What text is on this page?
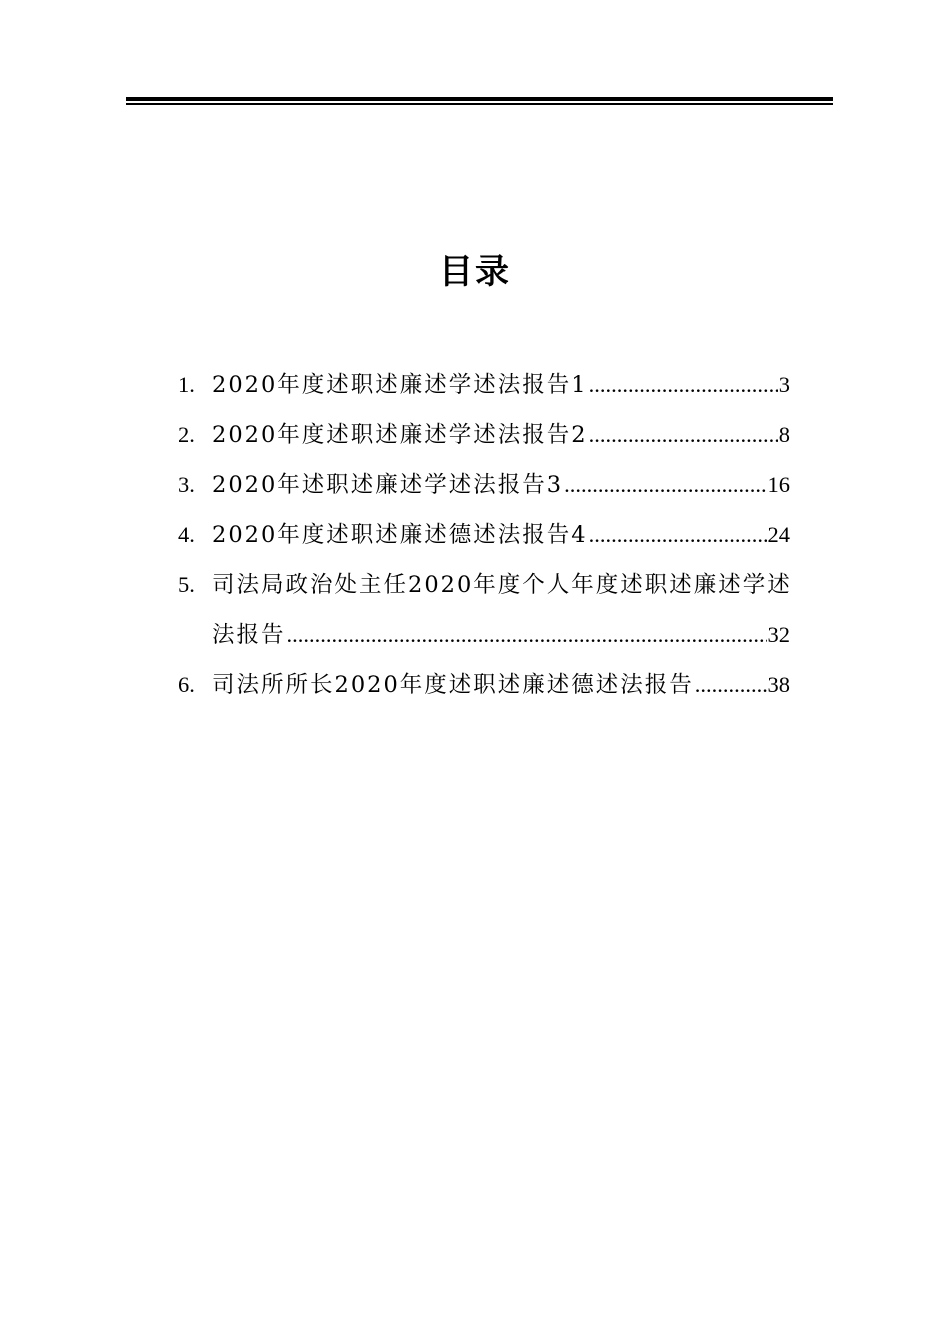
目录
1. 2020年度述职述廉述学述法报告1 .....	3
2. 2020年度述职述廉述学述法报告2 .....	8
3. 2020年述职述廉述学述法报告3 .....	16
4. 2020年度述职述廉述德述法报告4 .....	24
5. 司法局政治处主任2020年度个人年度述职述廉述学述
法报告 .....	32
6. 司法所所长2020年度述职述廉述德述法报告 .....	38
